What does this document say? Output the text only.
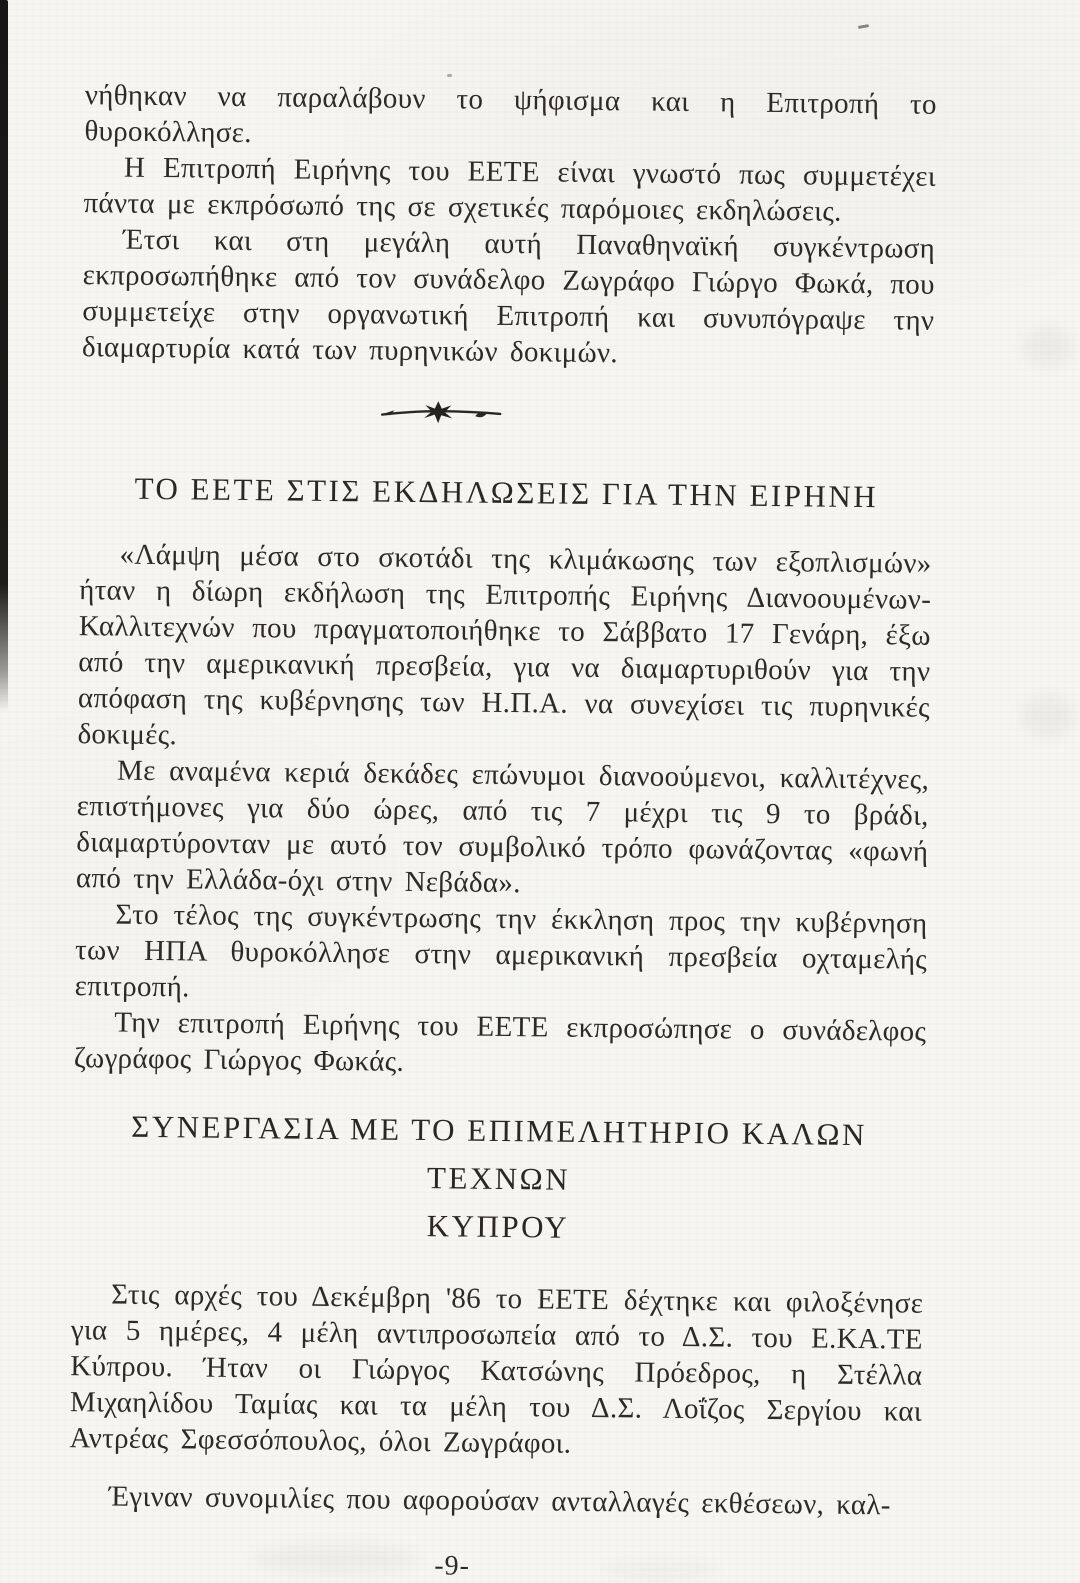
νήθηκαν να παραλάβουν το ψήφισμα και η Επιτροπή το θυροκόλλησε.

Η Επιτροπή Ειρήνης του ΕΕΤΕ είναι γνωστό πως συμμετέχει πάντα με εκπρόσωπό της σε σχετικές παρόμοιες εκδηλώσεις.

Έτσι και στη μεγάλη αυτή Παναθηναϊκή συγκέντρωση εκπροσωπήθηκε από τον συνάδελφο Ζωγράφο Γιώργο Φωκά, που συμμετείχε στην οργανωτική Επιτροπή και συνυπόγραψε την διαμαρτυρία κατά των πυρηνικών δοκιμών.

ΤΟ ΕΕΤΕ ΣΤΙΣ ΕΚΔΗΛΩΣΕΙΣ ΓΙΑ ΤΗΝ ΕΙΡΗΝΗ

«Λάμψη μέσα στο σκοτάδι της κλιμάκωσης των εξοπλισμών» ήταν η δίωρη εκδήλωση της Επιτροπής Ειρήνης Διανοουμένων-Καλλιτεχνών που πραγματοποιήθηκε το Σάββατο 17 Γενάρη, έξω από την αμερικανική πρεσβεία, για να διαμαρτυριθούν για την απόφαση της κυβέρνησης των Η.Π.Α. να συνεχίσει τις πυρηνικές δοκιμές.

Με αναμένα κεριά δεκάδες επώνυμοι διανοούμενοι, καλλιτέχνες, επιστήμονες για δύο ώρες, από τις 7 μέχρι τις 9 το βράδι, διαμαρτύρονταν με αυτό τον συμβολικό τρόπο φωνάζοντας «φωνή από την Ελλάδα-όχι στην Νεβάδα».

Στο τέλος της συγκέντρωσης την έκκληση προς την κυβέρνηση των ΗΠΑ θυροκόλλησε στην αμερικανική πρεσβεία οχταμελής επιτροπή.

Την επιτροπή Ειρήνης του ΕΕΤΕ εκπροσώπησε ο συνάδελφος ζωγράφος Γιώργος Φωκάς.

ΣΥΝΕΡΓΑΣΙΑ ΜΕ ΤΟ ΕΠΙΜΕΛΗΤΗΡΙΟ ΚΑΛΩΝ ΤΕΧΝΩΝ
ΚΥΠΡΟΥ

Στις αρχές του Δεκέμβρη '86 το ΕΕΤΕ δέχτηκε και φιλοξένησε για 5 ημέρες, 4 μέλη αντιπροσωπεία από το Δ.Σ. του Ε.ΚΑ.ΤΕ Κύπρου. Ήταν οι Γιώργος Κατσώνης Πρόεδρος, η Στέλλα Μιχαηλίδου Ταμίας και τα μέλη του Δ.Σ. Λοΐζος Σεργίου και Αντρέας Σφεσσόπουλος, όλοι Ζωγράφοι.

Έγιναν συνομιλίες που αφορούσαν ανταλλαγές εκθέσεων, καλ-

-9-
